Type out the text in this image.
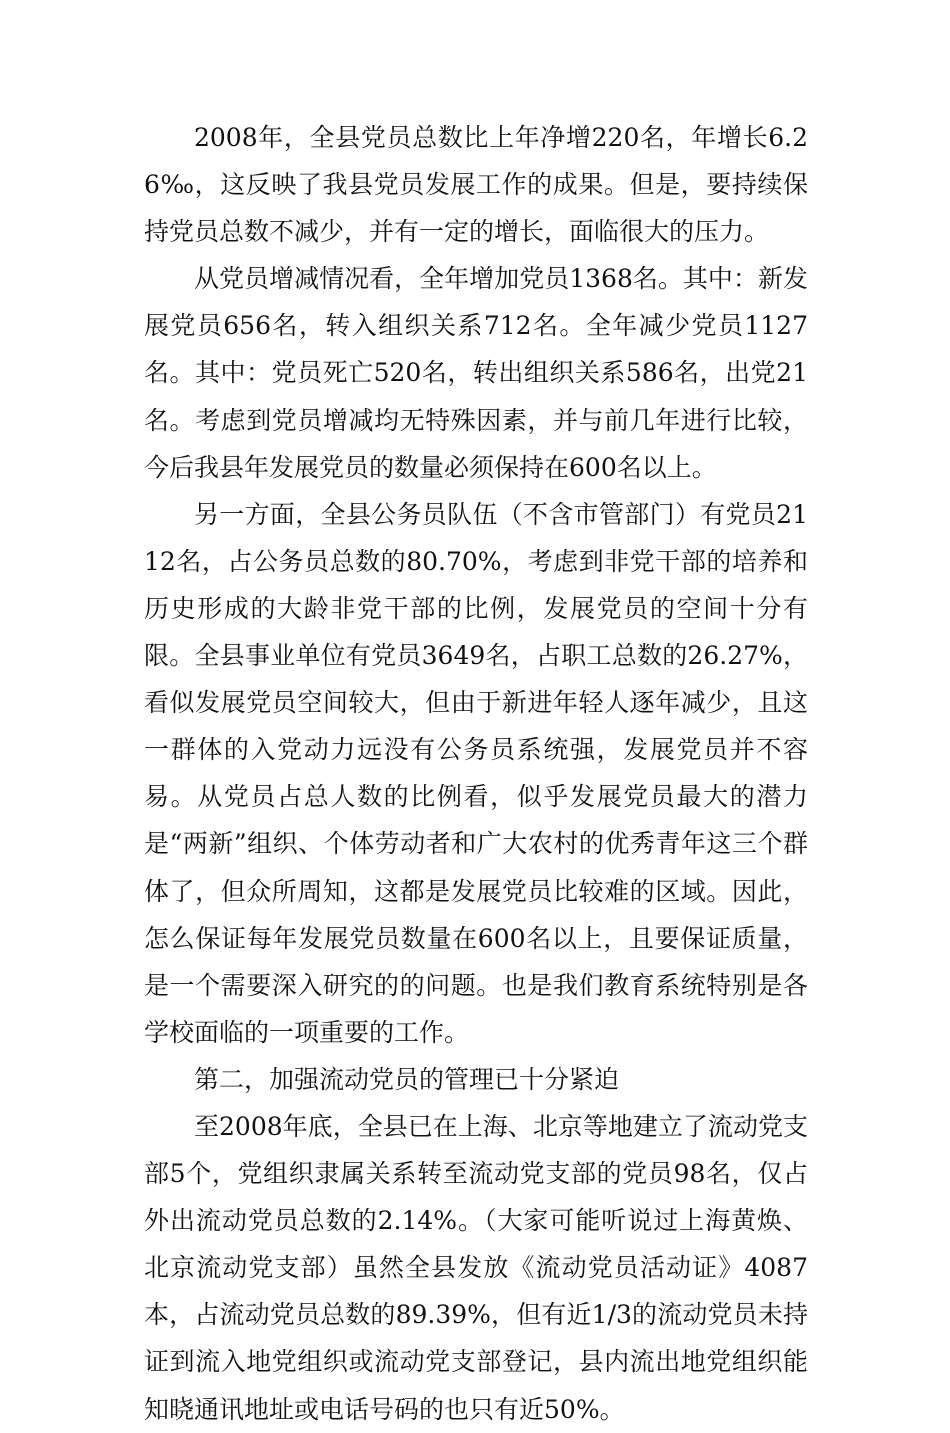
2008年，全县党员总数比上年净增220名，年增长6.26‰，这反映了我县党员发展工作的成果。但是，要持续保持党员总数不减少，并有一定的增长，面临很大的压力。

从党员增减情况看，全年增加党员1368名。其中：新发展党员656名，转入组织关系712名。全年减少党员1127名。其中：党员死亡520名，转出组织关系586名，出党21名。考虑到党员增减均无特殊因素，并与前几年进行比较，今后我县年发展党员的数量必须保持在600名以上。

另一方面，全县公务员队伍（不含市管部门）有党员2112名，占公务员总数的80.70%，考虑到非党干部的培养和历史形成的大龄非党干部的比例，发展党员的空间十分有限。全县事业单位有党员3649名，占职工总数的26.27%，看似发展党员空间较大，但由于新进年轻人逐年减少，且这一群体的入党动力远没有公务员系统强，发展党员并不容易。从党员占总人数的比例看，似乎发展党员最大的潜力是“两新”组织、个体劳动者和广大农村的优秀青年这三个群体了，但众所周知，这都是发展党员比较难的区域。因此，怎么保证每年发展党员数量在600名以上，且要保证质量，是一个需要深入研究的的问题。也是我们教育系统特别是各学校面临的一项重要的工作。

第二，加强流动党员的管理已十分紧迫

至2008年底，全县已在上海、北京等地建立了流动党支部5个，党组织隶属关系转至流动党支部的党员98名，仅占外出流动党员总数的2.14%。（大家可能听说过上海黄焕、北京流动党支部）虽然全县发放《流动党员活动证》4087本，占流动党员总数的89.39%，但有近1/3的流动党员未持证到流入地党组织或流动党支部登记，县内流出地党组织能知晓通讯地址或电话号码的也只有近50%。
